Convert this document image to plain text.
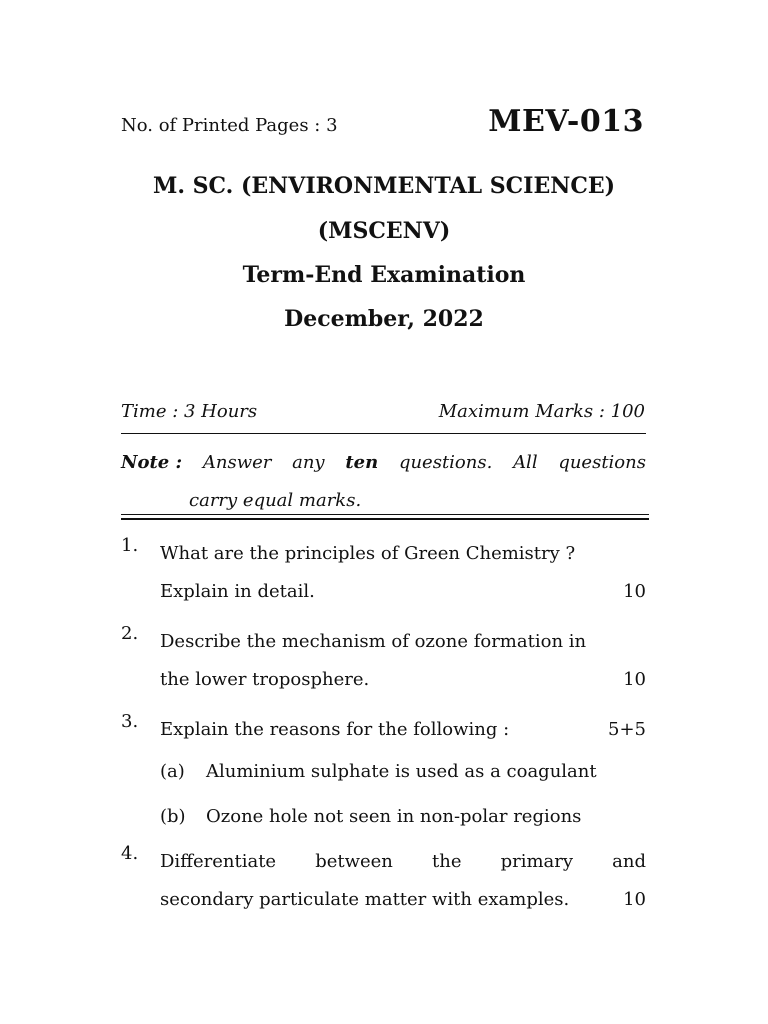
No. of Printed Pages : 3	MEV-013
M. SC. (ENVIRONMENTAL SCIENCE)
(MSCENV)
Term-End Examination
December, 2022
Time : 3 Hours	Maximum Marks : 100
Note : Answer any ten questions. All questions
carry equal marks.
1. What are the principles of Green Chemistry ?
Explain in detail.	10
2. Describe the mechanism of ozone formation in
the lower troposphere.	10
3. Explain the reasons for the following :	5+5
(a)	Aluminium sulphate is used as a coagulant
(b)	Ozone hole not seen in non-polar regions
4. Differentiate between the primary and
secondary particulate matter with examples.	10
